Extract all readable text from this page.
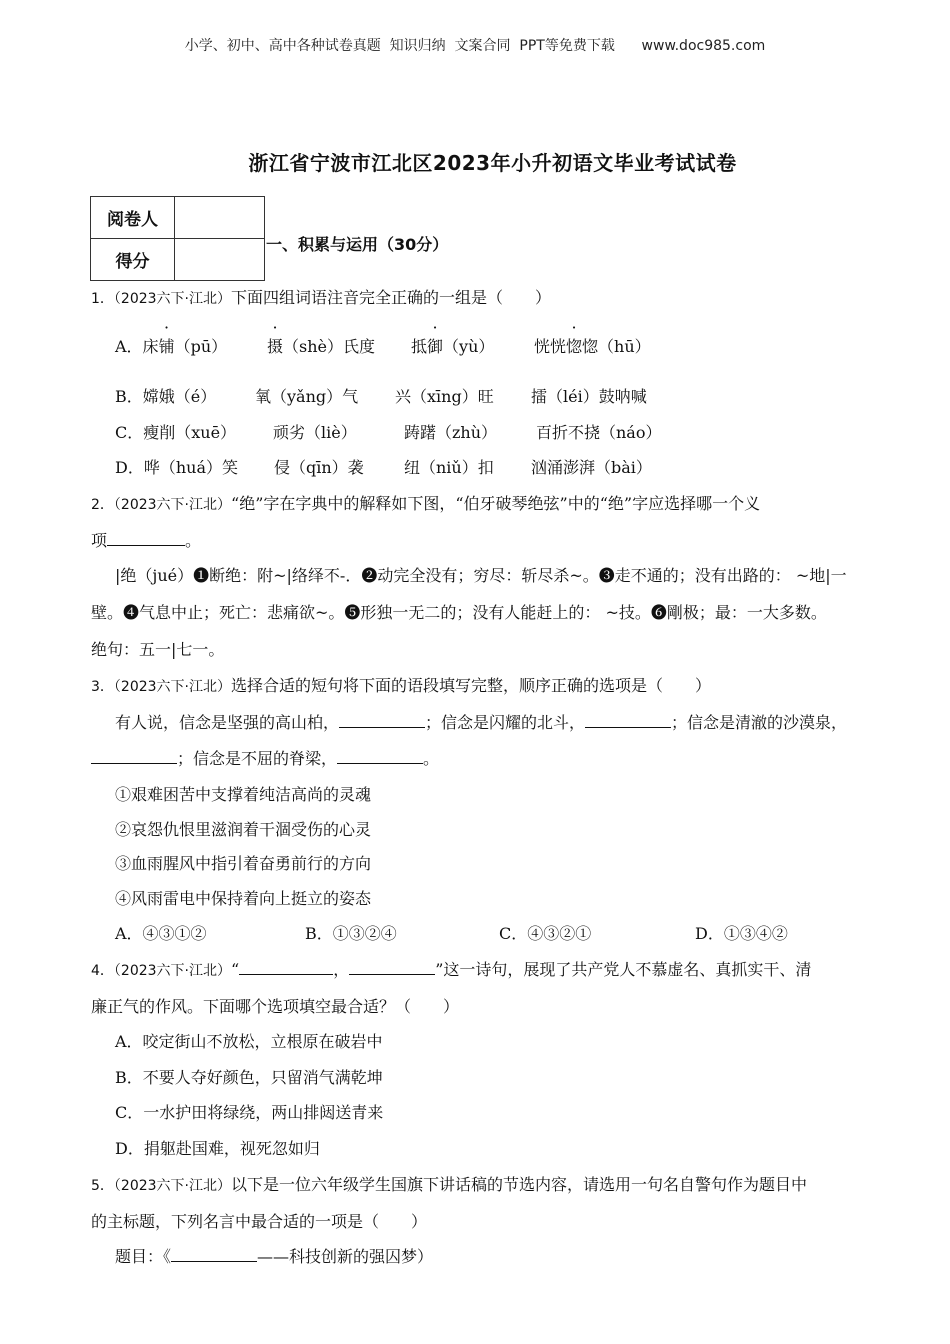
小学、初中、高中各种试卷真题  知识归纳  文案合同  PPT等免费下载      www.doc985.com
浙江省宁波市江北区2023年小升初语文毕业考试试卷
阅卷人	
得分	
一、积累与运用（30分）
1．（2023六下·江北）下面四组词语注音完全正确的一组是（　　）
A．床铺（pū） 摄（shè）氏度 抵御（yù） 恍恍惚惚（hū）
B．嫦娥（é） 氧（yǎng）气 兴（xīng）旺 擂（léi）鼓呐喊
C．瘦削（xuē） 顽劣（liè）	踌躇（zhù） 百折不挠（náo）
D．哗（huá）笑 侵（qīn）袭	纽（niǔ）扣 汹涌澎湃（bài）
2．（2023六下·江北）“绝”字在字典中的解释如下图，“伯牙破琴绝弦”中的“绝”字应选择哪一个义
项	。
|绝（jué）❶断绝：附~|络绎不-．❷动完全没有；穷尽：斩尽杀~。❸走不通的；没有出路的： ~地|一
壁。❹气息中止；死亡：悲痛欲~。❺形独一无二的；没有人能赶上的： ~技。❻剛极；最：一大多数。
绝句：五一|七一。
3．（2023六下·江北）选择合适的短句将下面的语段填写完整，顺序正确的选项是（　　）
有人说，信念是坚强的高山柏，	；信念是闪耀的北斗，	；信念是清澈的沙漠泉，
；信念是不屈的脊梁，	。
①艰难困苦中支撑着纯洁高尚的灵魂
②哀怨仇恨里滋润着干涸受伤的心灵
③血雨腥风中指引着奋勇前行的方向
④风雨雷电中保持着向上挺立的姿态
A．④③①②	B．①③②④	C．④③②①	D．①③④②
4．（2023六下·江北）“	，	”这一诗句，展现了共产党人不慕虚名、真抓实干、清
廉正气的作风。下面哪个选项填空最合适？（　　）
A．咬定街山不放松，立根原在破岩中
B．不要人夺好颜色，只留消气满乾坤
C．一水护田将绿绕，两山排闼送青来
D．捐躯赴国难，视死忽如归
5．（2023六下·江北）以下是一位六年级学生国旗下讲话稿的节选内容，请选用一句名自警句作为题目中
的主标题，下列名言中最合适的一项是（　　）
题目：《	——科技创新的强囚梦）
